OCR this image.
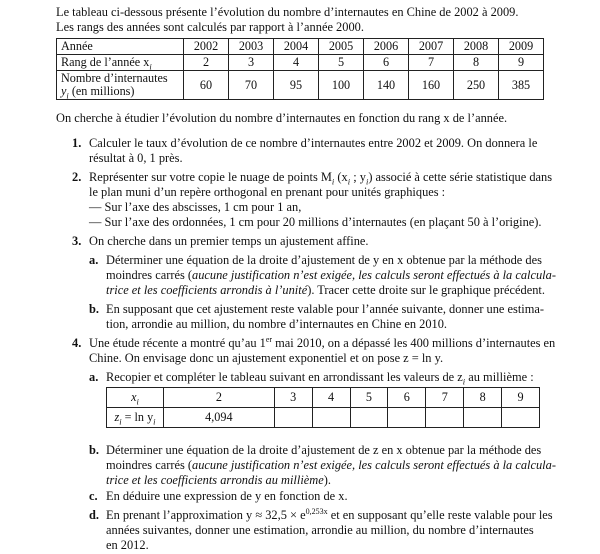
Le tableau ci-dessous présente l’évolution du nombre d’internautes en Chine de 2002 à 2009.
Les rangs des années sont calculés par rapport à l’année 2000.
Année	2002	2003	2004	2005	2006	2007	2008	2009
Rang de l’année $x_i$	2	3	4	5	6	7	8	9
Nombre d’internautes
$y_i$ (en millions)	60	70	95	100	140	160	250	385
On cherche à étudier l’évolution du nombre d’internautes en fonction du rang x de l’année.
1. Calculer le taux d’évolution de ce nombre d’internautes entre 2002 et 2009. On donnera le
résultat à 0, 1 près.
2. Représenter sur votre copie le nuage de points $M_i$ ($x_i$ ; $y_i$) associé à cette série statistique dans
le plan muni d’un repère orthogonal en prenant pour unités graphiques :
— Sur l’axe des abscisses, 1 cm pour 1 an,
— Sur l’axe des ordonnées, 1 cm pour 20 millions d’internautes (en plaçant 50 à l’origine).
3. On cherche dans un premier temps un ajustement affine.
a. Déterminer une équation de la droite d’ajustement de y en x obtenue par la méthode des
moindres carrés (aucune justification n’est exigée, les calculs seront effectués à la calcula-
trice et les coefficients arrondis à l’unité). Tracer cette droite sur le graphique précédent.
b. En supposant que cet ajustement reste valable pour l’année suivante, donner une estima-
tion, arrondie au million, du nombre d’internautes en Chine en 2010.
4. Une étude récente a montré qu’au 1er mai 2010, on a dépassé les 400 millions d’internautes en
Chine. On envisage donc un ajustement exponentiel et on pose z = ln y.
a. Recopier et compléter le tableau suivant en arrondissant les valeurs de $z_i$ au millième :
$x_i$	2	3	4	5	6	7	8	9
$z_i = \ln y_i$	4,094							
b. Déterminer une équation de la droite d’ajustement de z en x obtenue par la méthode des
moindres carrés (aucune justification n’est exigée, les calculs seront effectués à la calcula-
trice et les coefficients arrondis au millième).
c. En déduire une expression de y en fonction de x.
d. En prenant l’approximation $y \approx 32,5 \times e^{0,253x}$ et en supposant qu’elle reste valable pour les
années suivantes, donner une estimation, arrondie au million, du nombre d’internautes
en 2012.
